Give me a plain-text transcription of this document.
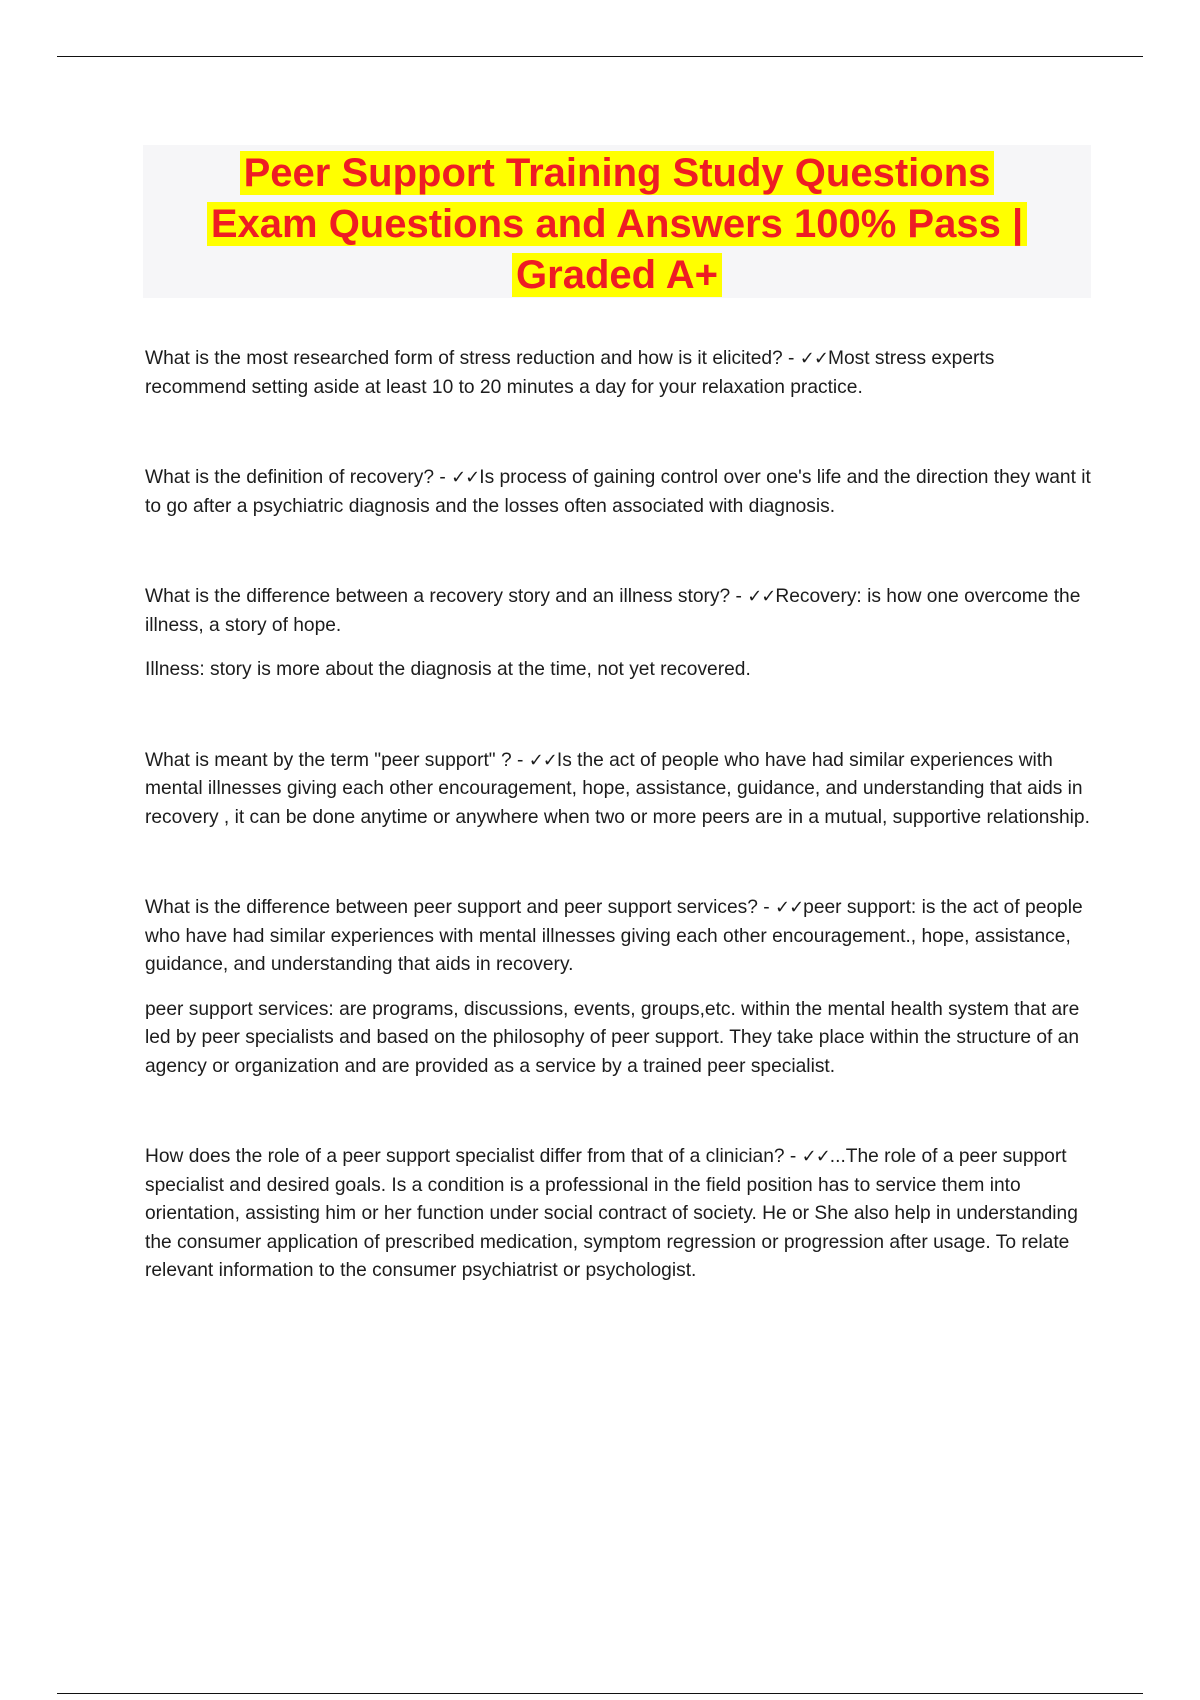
Peer Support Training Study Questions
Exam Questions and Answers 100% Pass |
Graded A+

What is the most researched form of stress reduction and how is it elicited? - ✓✓Most stress experts recommend setting aside at least 10 to 20 minutes a day for your relaxation practice.

What is the definition of recovery? - ✓✓Is process of gaining control over one's life and the direction they want it to go after a psychiatric diagnosis and the losses often associated with diagnosis.

What is the difference between a recovery story and an illness story? - ✓✓Recovery: is how one overcome the illness, a story of hope.

Illness: story is more about the diagnosis at the time, not yet recovered.

What is meant by the term "peer support" ? - ✓✓Is the act of people who have had similar experiences with mental illnesses giving each other encouragement, hope, assistance, guidance, and understanding that aids in recovery , it can be done anytime or anywhere when two or more peers are in a mutual, supportive relationship.

What is the difference between peer support and peer support services? - ✓✓peer support: is the act of people who have had similar experiences with mental illnesses giving each other encouragement., hope, assistance, guidance, and understanding that aids in recovery.

peer support services: are programs, discussions, events, groups,etc. within the mental health system that are led by peer specialists and based on the philosophy of peer support. They take place within the structure of an agency or organization and are provided as a service by a trained peer specialist.

How does the role of a peer support specialist differ from that of a clinician? - ✓✓...The role of a peer support specialist and desired goals. Is a condition is a professional in the field position has to service them into orientation, assisting him or her function under social contract of society. He or She also help in understanding the consumer application of prescribed medication, symptom regression or progression after usage. To relate relevant information to the consumer psychiatrist or psychologist.
